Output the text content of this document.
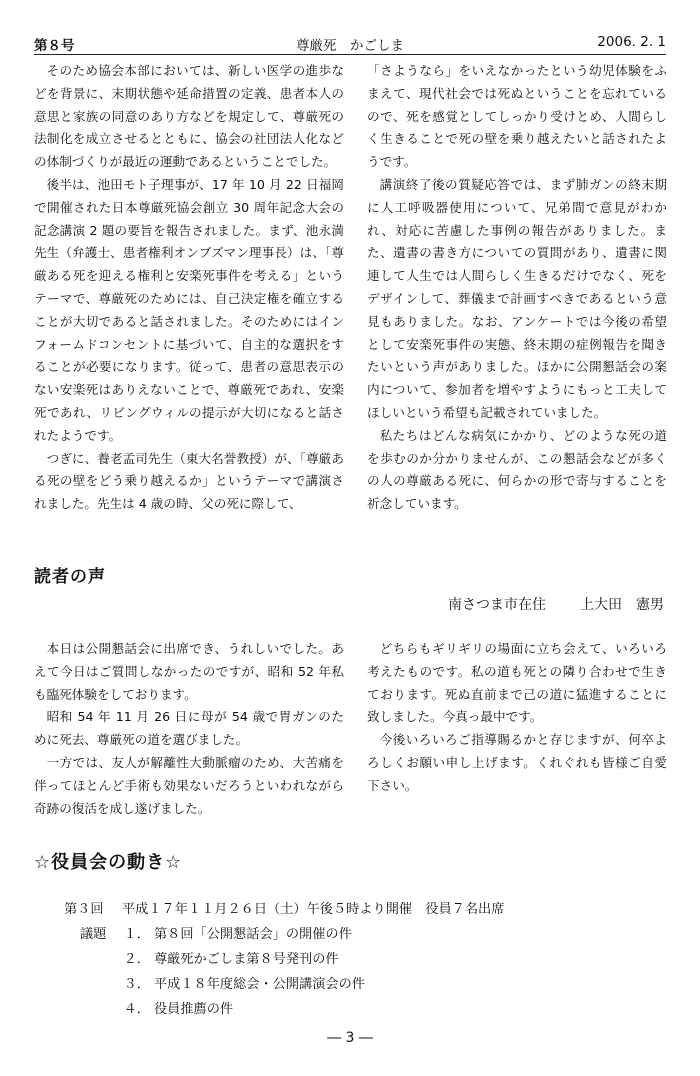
第８号	尊厳死　かごしま	2006. 2. 1

そのため協会本部においては、新しい医学の進歩などを背景に、末期状態や延命措置の定義、患者本人の意思と家族の同意のあり方などを規定して、尊厳死の法制化を成立させるとともに、協会の社団法人化などの体制づくりが最近の運動であるということでした。

後半は、池田モト子理事が、17 年 10 月 22 日福岡で開催された日本尊厳死協会創立 30 周年記念大会の記念講演 2 題の要旨を報告されました。まず、池永満先生（弁護士、患者権利オンブズマン理事長）は、「尊厳ある死を迎える権利と安楽死事件を考える」というテーマで、尊厳死のためには、自己決定権を確立することが大切であると話されました。そのためにはインフォームドコンセントに基づいて、自主的な選択をすることが必要になります。従って、患者の意思表示のない安楽死はありえないことで、尊厳死であれ、安楽死であれ、リビングウィルの提示が大切になると話されたようです。

つぎに、養老孟司先生（東大名誉教授）が、「尊厳ある死の壁をどう乗り越えるか」というテーマで講演されました。先生は 4 歳の時、父の死に際して、

「さようなら」をいえなかったという幼児体験をふまえて、現代社会では死ぬということを忘れているので、死を感覚としてしっかり受けとめ、人間らしく生きることで死の壁を乗り越えたいと話されたようです。

講演終了後の質疑応答では、まず肺ガンの終末期に人工呼吸器使用について、兄弟間で意見がわかれ、対応に苦慮した事例の報告がありました。また、遺書の書き方についての質問があり、遺書に関連して人生では人間らしく生きるだけでなく、死をデザインして、葬儀まで計画すべきであるという意見もありました。なお、アンケートでは今後の希望として安楽死事件の実態、終末期の症例報告を聞きたいという声がありました。ほかに公開懇話会の案内について、参加者を増やすようにもっと工夫してほしいという希望も記載されていました。

私たちはどんな病気にかかり、どのような死の道を歩むのか分かりませんが、この懇話会などが多くの人の尊厳ある死に、何らかの形で寄与することを祈念しています。

読者の声
南さつま市在住 上大田　憲男

本日は公開懇話会に出席でき、うれしいでした。あえて今日はご質問しなかったのですが、昭和 52 年私も臨死体験をしております。

昭和 54 年 11 月 26 日に母が 54 歳で胃ガンのために死去、尊厳死の道を選びました。

一方では、友人が解離性大動脈瘤のため、大苦痛を伴ってほとんど手術も効果ないだろうといわれながら奇跡の復活を成し遂げました。

どちらもギリギリの場面に立ち会えて、いろいろ考えたものです。私の道も死との隣り合わせで生きております。死ぬ直前まで己の道に猛進することに致しました。今真っ最中です。

今後いろいろご指導賜るかと存じますが、何卒よろしくお願い申し上げます。くれぐれも皆様ご自愛下さい。

☆役員会の動き☆
第３回 平成１７年１１月２６日（土）午後５時より開催　役員７名出席
議題 １． 第８回「公開懇話会」の開催の件
２． 尊厳死かごしま第８号発刊の件
３． 平成１８年度総会・公開講演会の件
４． 役員推薦の件
― 3 ―
